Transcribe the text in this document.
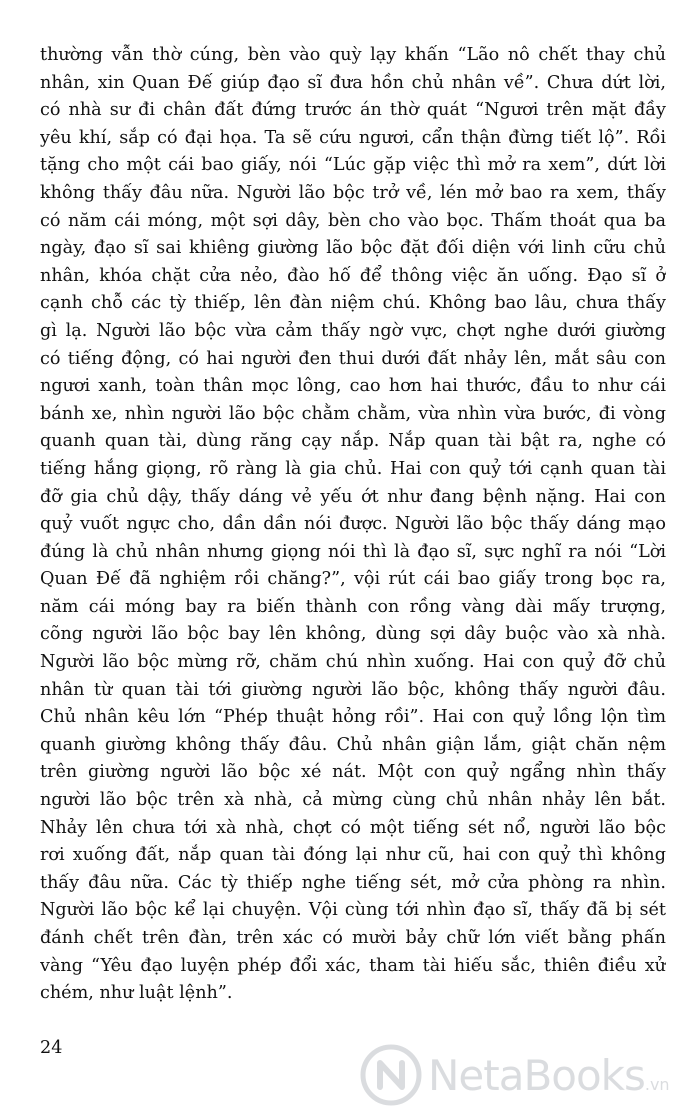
thường vẫn thờ cúng, bèn vào quỳ lạy khấn “Lão nô chết thay chủ
nhân, xin Quan Đế giúp đạo sĩ đưa hồn chủ nhân về”. Chưa dứt lời,
có nhà sư đi chân đất đứng trước án thờ quát “Ngươi trên mặt đầy
yêu khí, sắp có đại họa. Ta sẽ cứu ngươi, cẩn thận đừng tiết lộ”. Rồi
tặng cho một cái bao giấy, nói “Lúc gặp việc thì mở ra xem”, dứt lời
không thấy đâu nữa. Người lão bộc trở về, lén mở bao ra xem, thấy
có năm cái móng, một sợi dây, bèn cho vào bọc. Thấm thoát qua ba
ngày, đạo sĩ sai khiêng giường lão bộc đặt đối diện với linh cữu chủ
nhân, khóa chặt cửa nẻo, đào hố để thông việc ăn uống. Đạo sĩ ở
cạnh chỗ các tỳ thiếp, lên đàn niệm chú. Không bao lâu, chưa thấy
gì lạ. Người lão bộc vừa cảm thấy ngờ vực, chợt nghe dưới giường
có tiếng động, có hai người đen thui dưới đất nhảy lên, mắt sâu con
ngươi xanh, toàn thân mọc lông, cao hơn hai thước, đầu to như cái
bánh xe, nhìn người lão bộc chằm chằm, vừa nhìn vừa bước, đi vòng
quanh quan tài, dùng răng cạy nắp. Nắp quan tài bật ra, nghe có
tiếng hắng giọng, rõ ràng là gia chủ. Hai con quỷ tới cạnh quan tài
đỡ gia chủ dậy, thấy dáng vẻ yếu ớt như đang bệnh nặng. Hai con
quỷ vuốt ngực cho, dần dần nói được. Người lão bộc thấy dáng mạo
đúng là chủ nhân nhưng giọng nói thì là đạo sĩ, sực nghĩ ra nói “Lời
Quan Đế đã nghiệm rồi chăng?”, vội rút cái bao giấy trong bọc ra,
năm cái móng bay ra biến thành con rồng vàng dài mấy trượng,
cõng người lão bộc bay lên không, dùng sợi dây buộc vào xà nhà.
Người lão bộc mừng rỡ, chăm chú nhìn xuống. Hai con quỷ đỡ chủ
nhân từ quan tài tới giường người lão bộc, không thấy người đâu.
Chủ nhân kêu lớn “Phép thuật hỏng rồi”. Hai con quỷ lồng lộn tìm
quanh giường không thấy đâu. Chủ nhân giận lắm, giật chăn nệm
trên giường người lão bộc xé nát. Một con quỷ ngẩng nhìn thấy
người lão bộc trên xà nhà, cả mừng cùng chủ nhân nhảy lên bắt.
Nhảy lên chưa tới xà nhà, chợt có một tiếng sét nổ, người lão bộc
rơi xuống đất, nắp quan tài đóng lại như cũ, hai con quỷ thì không
thấy đâu nữa. Các tỳ thiếp nghe tiếng sét, mở cửa phòng ra nhìn.
Người lão bộc kể lại chuyện. Vội cùng tới nhìn đạo sĩ, thấy đã bị sét
đánh chết trên đàn, trên xác có mười bảy chữ lớn viết bằng phấn
vàng “Yêu đạo luyện phép đổi xác, tham tài hiếu sắc, thiên điều xử
chém, như luật lệnh”.
24
NetaBooks.vn
